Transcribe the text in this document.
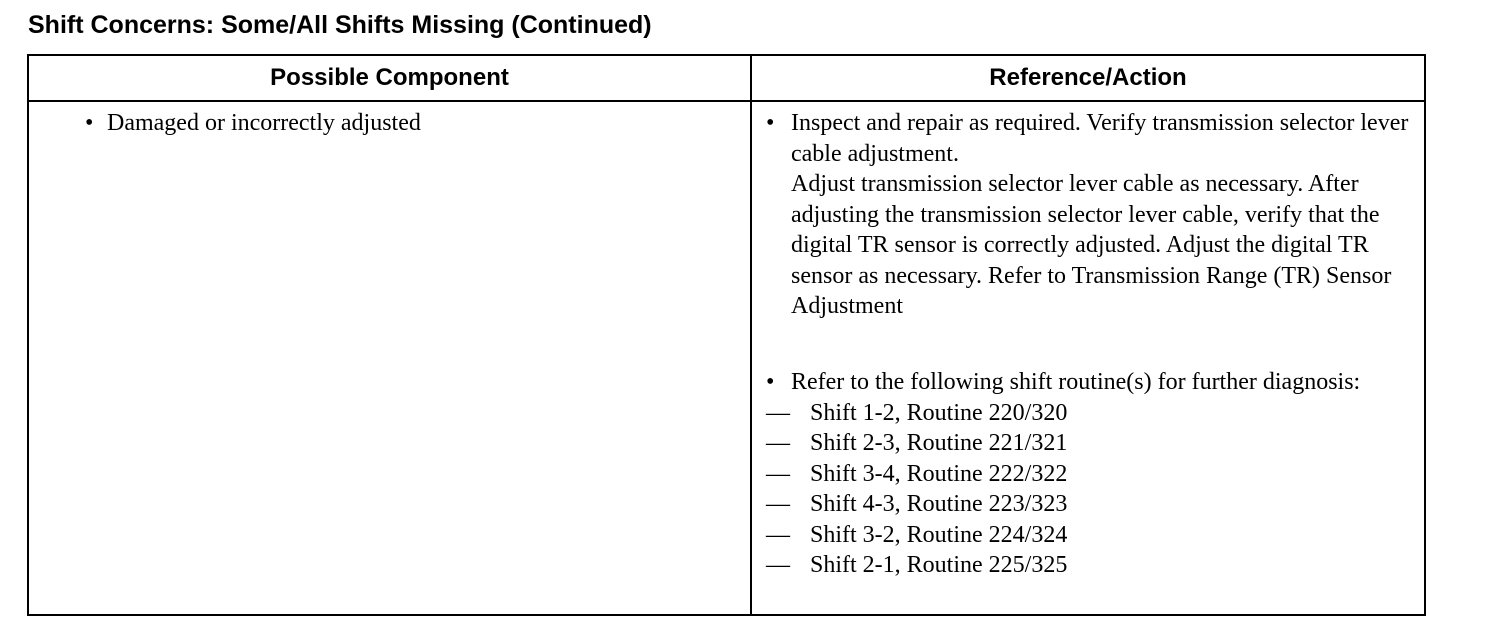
Shift Concerns: Some/All Shifts Missing (Continued)
Possible Component	Reference/Action
• Damaged or incorrectly adjusted	• Inspect and repair as required. Verify transmission selector lever cable adjustment.

Adjust transmission selector lever cable as necessary. After adjusting the transmission selector lever cable, verify that the digital TR sensor is correctly adjusted. Adjust the digital TR sensor as necessary. Refer to Transmission Range (TR) Sensor Adjustment

• Refer to the following shift routine(s) for further diagnosis:

— Shift 1-2, Routine 220/320
— Shift 2-3, Routine 221/321
— Shift 3-4, Routine 222/322
— Shift 4-3, Routine 223/323
— Shift 3-2, Routine 224/324
— Shift 2-1, Routine 225/325
